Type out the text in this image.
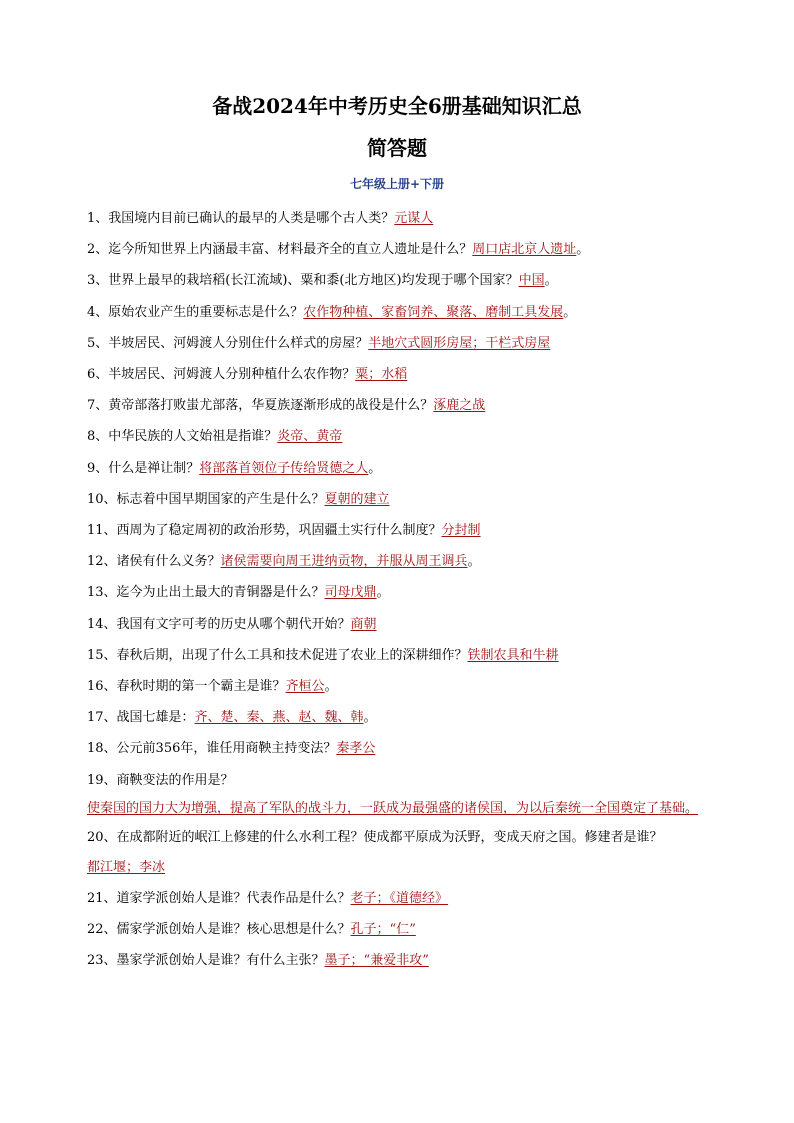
备战2024年中考历史全6册基础知识汇总
简答题
七年级上册+下册
1、我国境内目前已确认的最早的人类是哪个古人类？元谋人
2、迄今所知世界上内涵最丰富、材料最齐全的直立人遗址是什么？周口店北京人遗址。
3、世界上最早的栽培稻(长江流域)、粟和黍(北方地区)均发现于哪个国家？中国。
4、原始农业产生的重要标志是什么？农作物种植、家畜饲养、聚落、磨制工具发展。
5、半坡居民、河姆渡人分别住什么样式的房屋？半地穴式圆形房屋；干栏式房屋
6、半坡居民、河姆渡人分别种植什么农作物？粟；水稻
7、黄帝部落打败蚩尤部落，华夏族逐渐形成的战役是什么？涿鹿之战
8、中华民族的人文始祖是指谁？炎帝、黄帝
9、什么是禅让制？将部落首领位子传给贤德之人。
10、标志着中国早期国家的产生是什么？夏朝的建立
11、西周为了稳定周初的政治形势，巩固疆土实行什么制度？分封制
12、诸侯有什么义务？诸侯需要向周王进纳贡物，并服从周王调兵。
13、迄今为止出土最大的青铜器是什么？司母戊鼎。
14、我国有文字可考的历史从哪个朝代开始？商朝
15、春秋后期，出现了什么工具和技术促进了农业上的深耕细作？铁制农具和牛耕
16、春秋时期的第一个霸主是谁？齐桓公。
17、战国七雄是：齐、楚、秦、燕、赵、魏、韩。
18、公元前356年，谁任用商鞅主持变法？秦孝公
19、商鞅变法的作用是？
使秦国的国力大为增强，提高了军队的战斗力，一跃成为最强盛的诸侯国，为以后秦统一全国奠定了基础。
20、在成都附近的岷江上修建的什么水利工程？使成都平原成为沃野，变成天府之国。修建者是谁？
都江堰；李冰
21、道家学派创始人是谁？代表作品是什么？老子；《道德经》
22、儒家学派创始人是谁？核心思想是什么？孔子；“仁”
23、墨家学派创始人是谁？有什么主张？墨子；“兼爱非攻”
